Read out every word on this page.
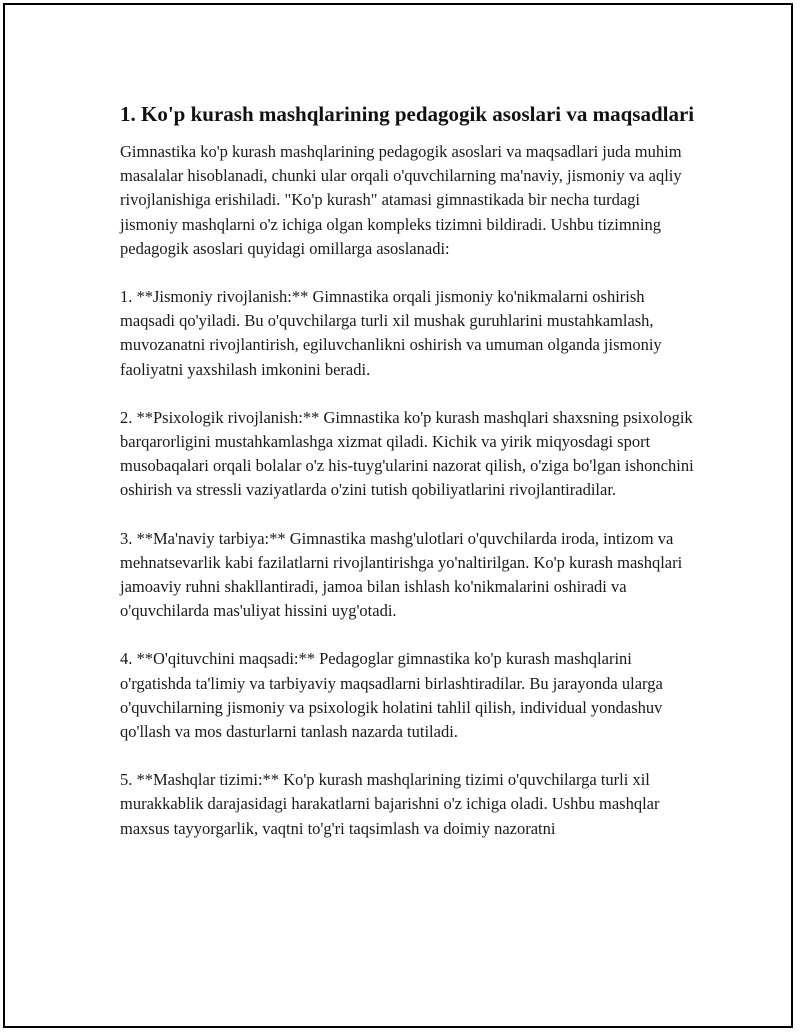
1. Ko'p kurash mashqlarining pedagogik asoslari va maqsadlari

Gimnastika ko'p kurash mashqlarining pedagogik asoslari va maqsadlari juda muhim masalalar hisoblanadi, chunki ular orqali o'quvchilarning ma'naviy, jismoniy va aqliy rivojlanishiga erishiladi. "Ko'p kurash" atamasi gimnastikada bir necha turdagi jismoniy mashqlarni o'z ichiga olgan kompleks tizimni bildiradi. Ushbu tizimning pedagogik asoslari quyidagi omillarga asoslanadi:

1. **Jismoniy rivojlanish:** Gimnastika orqali jismoniy ko'nikmalarni oshirish maqsadi qo'yiladi. Bu o'quvchilarga turli xil mushak guruhlarini mustahkamlash, muvozanatni rivojlantirish, egiluvchanlikni oshirish va umuman olganda jismoniy faoliyatni yaxshilash imkonini beradi.

2. **Psixologik rivojlanish:** Gimnastika ko'p kurash mashqlari shaxsning psixologik barqarorligini mustahkamlashga xizmat qiladi. Kichik va yirik miqyosdagi sport musobaqalari orqali bolalar o'z his-tuyg'ularini nazorat qilish, o'ziga bo'lgan ishonchini oshirish va stressli vaziyatlarda o'zini tutish qobiliyatlarini rivojlantiradilar.

3. **Ma'naviy tarbiya:** Gimnastika mashg'ulotlari o'quvchilarda iroda, intizom va mehnatsevarlik kabi fazilatlarni rivojlantirishga yo'naltirilgan. Ko'p kurash mashqlari jamoaviy ruhni shakllantiradi, jamoa bilan ishlash ko'nikmalarini oshiradi va o'quvchilarda mas'uliyat hissini uyg'otadi.

4. **O'qituvchini maqsadi:** Pedagoglar gimnastika ko'p kurash mashqlarini o'rgatishda ta'limiy va tarbiyaviy maqsadlarni birlashtiradilar. Bu jarayonda ularga o'quvchilarning jismoniy va psixologik holatini tahlil qilish, individual yondashuv qo'llash va mos dasturlarni tanlash nazarda tutiladi.

5. **Mashqlar tizimi:** Ko'p kurash mashqlarining tizimi o'quvchilarga turli xil murakkablik darajasidagi harakatlarni bajarishni o'z ichiga oladi. Ushbu mashqlar maxsus tayyorgarlik, vaqtni to'g'ri taqsimlash va doimiy nazoratni
